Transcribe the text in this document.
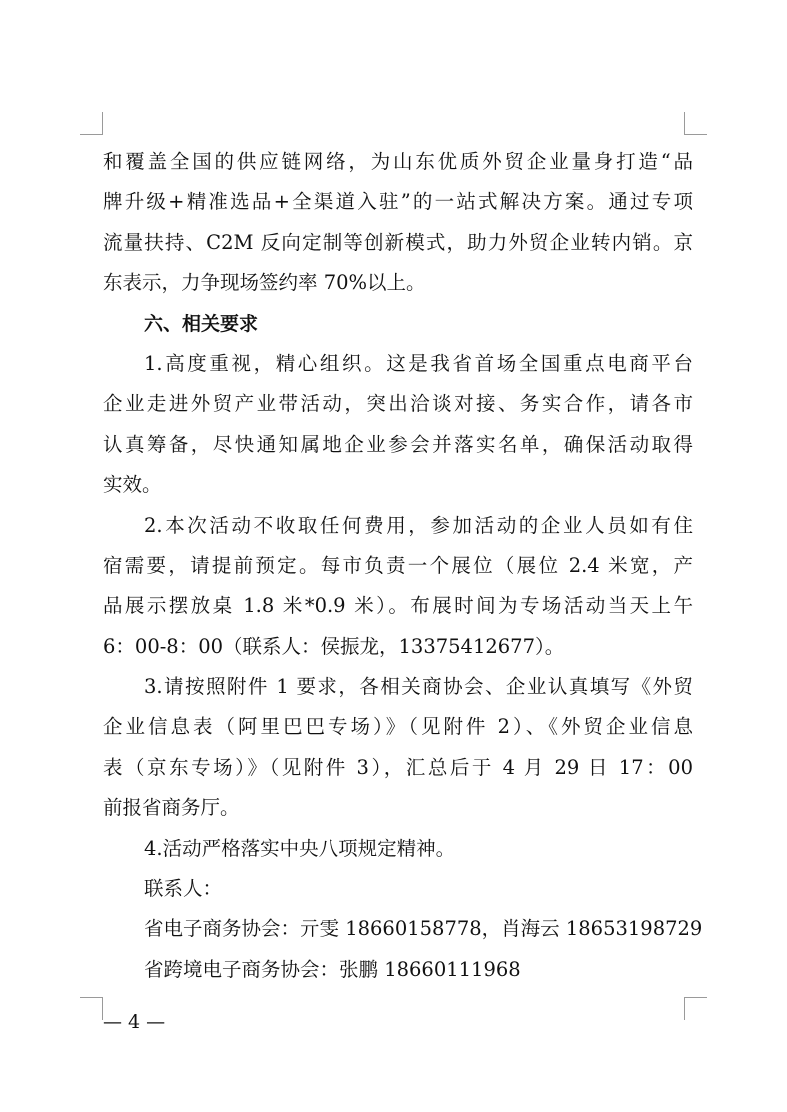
和覆盖全国的供应链网络，为山东优质外贸企业量身打造“品
牌升级+精准选品+全渠道入驻”的一站式解决方案。通过专项
流量扶持、C2M 反向定制等创新模式，助力外贸企业转内销。京
东表示，力争现场签约率 70%以上。
六、相关要求
1.高度重视，精心组织。这是我省首场全国重点电商平台
企业走进外贸产业带活动，突出洽谈对接、务实合作，请各市
认真筹备，尽快通知属地企业参会并落实名单，确保活动取得
实效。
2.本次活动不收取任何费用，参加活动的企业人员如有住
宿需要，请提前预定。每市负责一个展位（展位 2.4 米宽，产
品展示摆放桌 1.8 米*0.9 米）。布展时间为专场活动当天上午
6：00-8：00（联系人：侯振龙，13375412677）。
3.请按照附件 1 要求，各相关商协会、企业认真填写《外贸
企业信息表（阿里巴巴专场）》（见附件 2）、《外贸企业信息
表（京东专场）》（见附件 3），汇总后于 4 月 29 日 17：00
前报省商务厅。
4.活动严格落实中央八项规定精神。
联系人：
省电子商务协会：亓雯 18660158778，肖海云 18653198729
省跨境电子商务协会：张鹏 18660111968
— 4 —
